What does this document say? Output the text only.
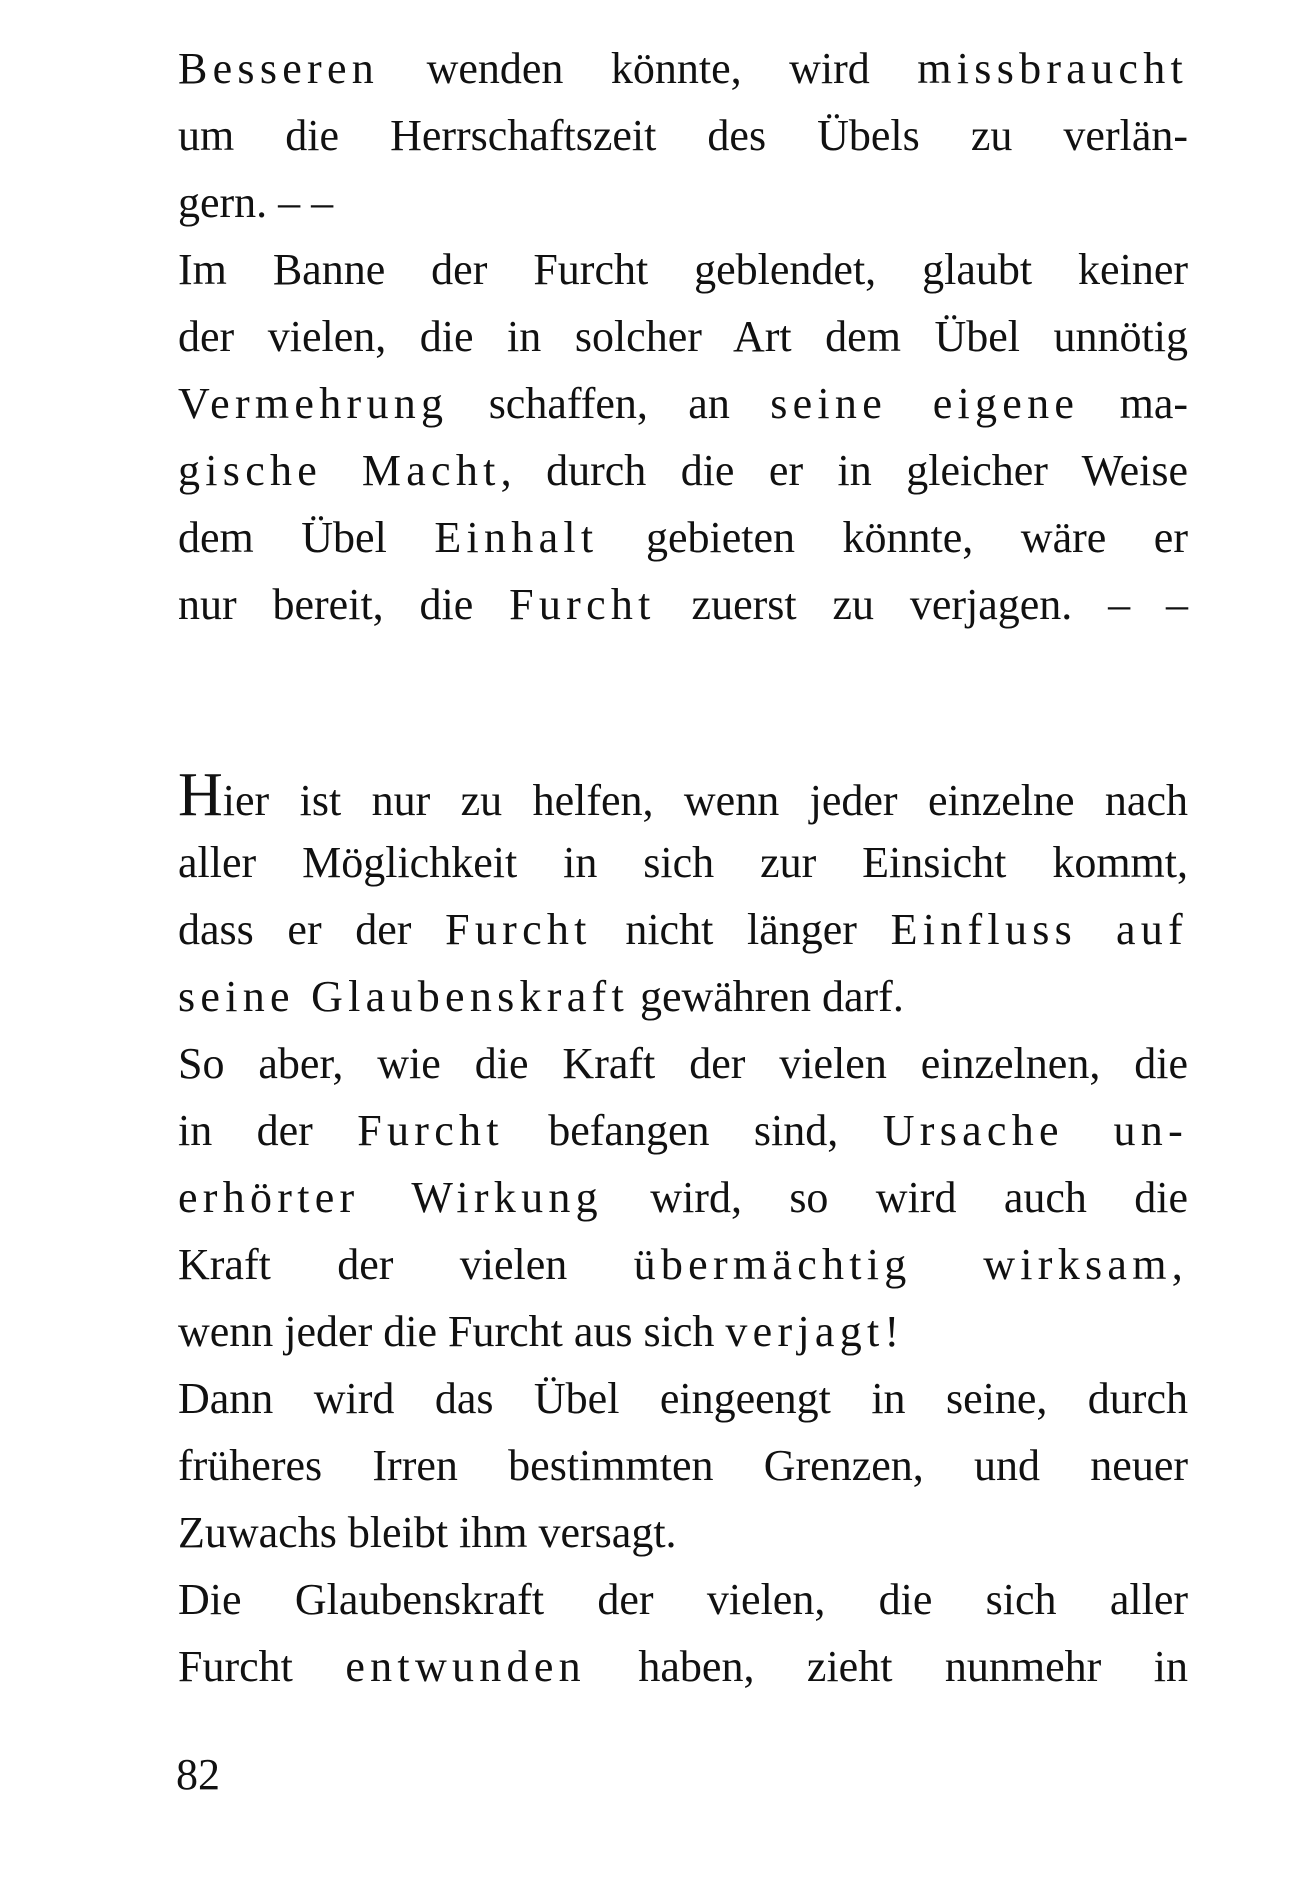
Besseren wenden könnte, wird missbraucht
um die Herrschaftszeit des Übels zu verlän-
gern. – –
Im Banne der Furcht geblendet, glaubt keiner
der vielen, die in solcher Art dem Übel unnötig
Vermehrung schaffen, an seine eigene ma-
gische Macht, durch die er in gleicher Weise
dem Übel Einhalt gebieten könnte, wäre er
nur bereit, die Furcht zuerst zu verjagen. – –
Hier ist nur zu helfen, wenn jeder einzelne nach
aller Möglichkeit in sich zur Einsicht kommt,
dass er der Furcht nicht länger Einfluss auf
seine Glaubenskraft gewähren darf.
So aber, wie die Kraft der vielen einzelnen, die
in der Furcht befangen sind, Ursache un-
erhörter Wirkung wird, so wird auch die
Kraft der vielen übermächtig wirksam,
wenn jeder die Furcht aus sich verjagt!
Dann wird das Übel eingeengt in seine, durch
früheres Irren bestimmten Grenzen, und neuer
Zuwachs bleibt ihm versagt.
Die Glaubenskraft der vielen, die sich aller
Furcht entwunden haben, zieht nunmehr in
82
